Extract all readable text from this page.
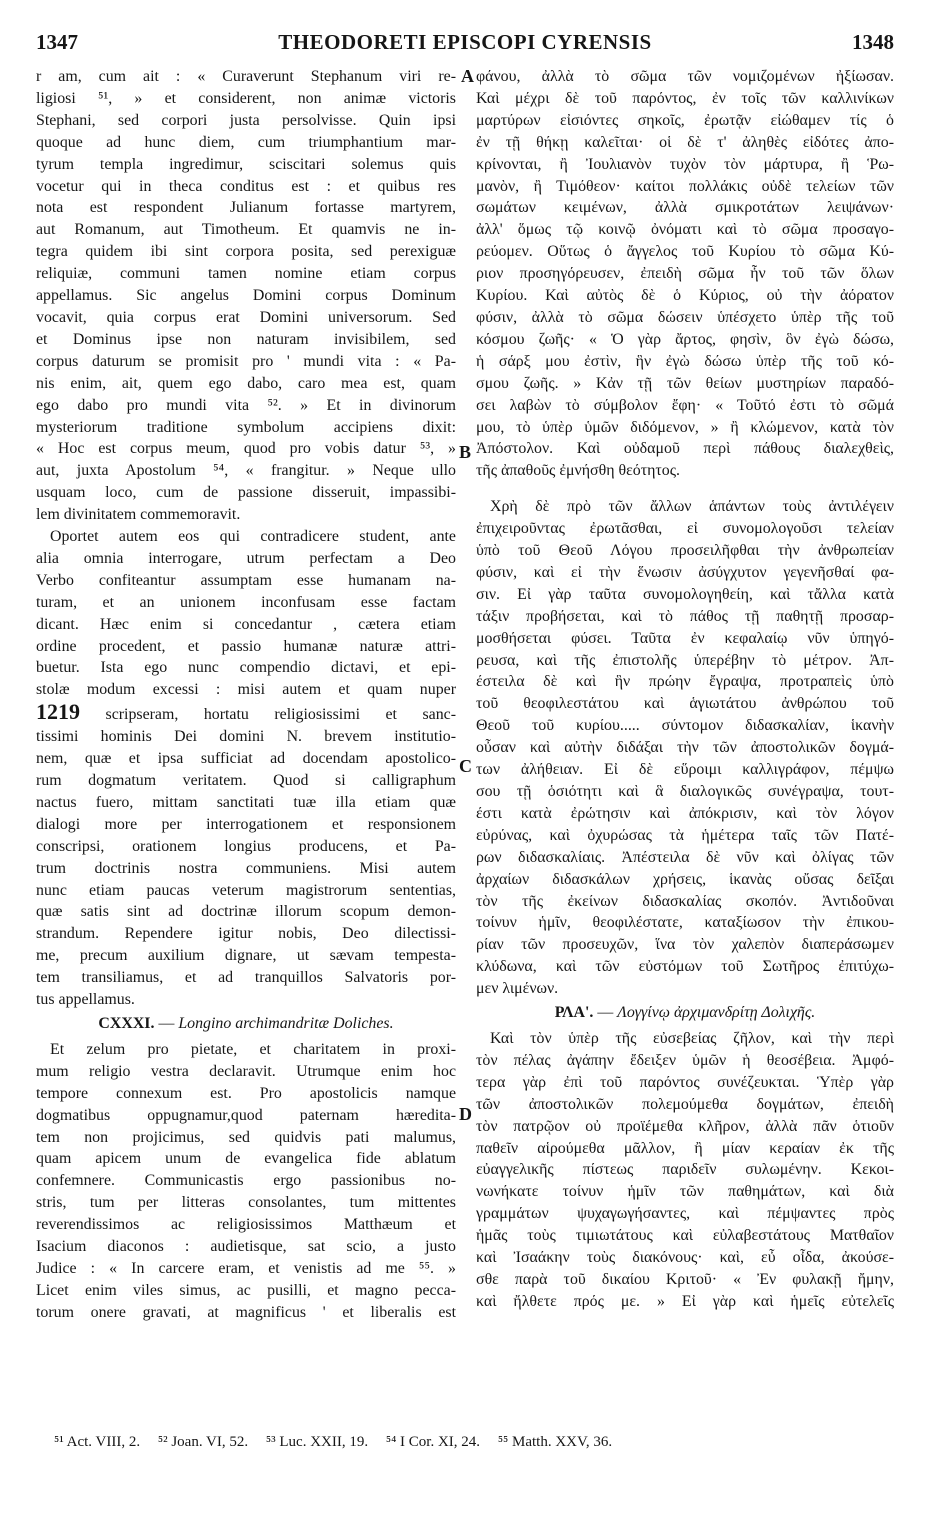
1347	THEODORETI EPISCOPI CYRENSIS	1348
r am, cum ait : « Curaverunt Stephanum viri re-
ligiosi ⁵¹, » et considerent, non animæ victoris
Stephani, sed corpori justa persolvisse. Quin ipsi
quoque ad hunc diem, cum triumphantium mar-
tyrum templa ingredimur, sciscitari solemus quis
vocetur qui in theca conditus est : et quibus res
nota est respondent Julianum fortasse martyrem,
aut Romanum, aut Timotheum. Et quamvis ne in-
tegra quidem ibi sint corpora posita, sed perexiguæ
reliquiæ, communi tamen nomine etiam corpus
appellamus. Sic angelus Domini corpus Dominum
vocavit, quia corpus erat Domini universorum. Sed
et Dominus ipse non naturam invisibilem, sed
corpus daturum se promisit pro ' mundi vita : « Pa-
nis enim, ait, quem ego dabo, caro mea est, quam
ego dabo pro mundi vita ⁵². » Et in divinorum
mysteriorum traditione symbolum accipiens dixit:
« Hoc est corpus meum, quod pro vobis datur ⁵³, »
aut, juxta Apostolum ⁵⁴, « frangitur. » Neque ullo
usquam loco, cum de passione disseruit, impassibi-
lem divinitatem commemoravit.
Oportet autem eos qui contradicere student, ante
alia omnia interrogare, utrum perfectam a Deo
Verbo confiteantur assumptam esse humanam na-
turam, et an unionem inconfusam esse factam
dicant. Hæc enim si concedantur , cætera etiam
ordine procedent, et passio humanæ naturæ attri-
buetur. Ista ego nunc compendio dictavi, et epi-
stolæ modum excessi : misi autem et quam nuper
1219 scripseram, hortatu religiosissimi et sanc-
tissimi hominis Dei domini N. brevem institutio-
nem, quæ et ipsa sufficiat ad docendam apostolico-
rum dogmatum veritatem. Quod si calligraphum
nactus fuero, mittam sanctitati tuæ illa etiam quæ
dialogi more per interrogationem et responsionem
conscripsi, orationem longius producens, et Pa-
trum doctrinis nostra communiens. Misi autem
nunc etiam paucas veterum magistrorum sententias,
quæ satis sint ad doctrinæ illorum scopum demon-
strandum. Rependere igitur nobis, Deo dilectissi-
me, precum auxilium dignare, ut sævam tempesta-
tem transiliamus, et ad tranquillos Salvatoris por-
tus appellamus.
CXXXI. — Longino archimandritæ Doliches.
Et zelum pro pietate, et charitatem in proxi-
mum religio vestra declaravit. Utrumque enim hoc
tempore connexum est. Pro apostolicis namque
dogmatibus oppugnamur,quod paternam hæredita-
tem non projicimus, sed quidvis pati malumus,
quam apicem unum de evangelica fide ablatum
confemnere. Communicastis ergo passionibus no-
stris, tum per litteras consolantes, tum mittentes
reverendissimos ac religiosissimos Matthæum et
Isacium diaconos : audietisque, sat scio, a justo
Judice : « In carcere eram, et venistis ad me ⁵⁵. »
Licet enim viles simus, ac pusilli, et magno pecca-
torum onere gravati, at magnificus ' et liberalis est
φάνου, ἀλλὰ τὸ σῶμα τῶν νομιζομένων ἠξίωσαν.
Καὶ μέχρι δὲ τοῦ παρόντος, ἐν τοῖς τῶν καλλινίκων
μαρτύρων εἰσιόντες σηκοῖς, ἐρωτᾷν εἰώθαμεν τίς ὁ
ἐν τῇ θήκῃ καλεῖται· οἱ δὲ τ' ἀληθὲς εἰδότες ἀπο-
κρίνονται, ἢ Ἰουλιανὸν τυχὸν τὸν μάρτυρα, ἢ Ῥω-
μανὸν, ἢ Τιμόθεον· καίτοι πολλάκις οὐδὲ τελείων τῶν
σωμάτων κειμένων, ἀλλὰ σμικροτάτων λειψάνων·
ἀλλ' ὅμως τῷ κοινῷ ὀνόματι καὶ τὸ σῶμα προσαγο-
ρεύομεν. Οὕτως ὁ ἄγγελος τοῦ Κυρίου τὸ σῶμα Κύ-
ριον προσηγόρευσεν, ἐπειδὴ σῶμα ἦν τοῦ τῶν ὅλων
Κυρίου. Καὶ αὐτὸς δὲ ὁ Κύριος, οὐ τὴν ἀόρατον
φύσιν, ἀλλὰ τὸ σῶμα δώσειν ὑπέσχετο ὑπὲρ τῆς τοῦ
κόσμου ζωῆς· « Ὁ γὰρ ἄρτος, φησὶν, ὃν ἐγὼ δώσω,
ἡ σάρξ μου ἐστὶν, ἣν ἐγὼ δώσω ὑπὲρ τῆς τοῦ κό-
σμου ζωῆς. » Κἀν τῇ τῶν θείων μυστηρίων παραδό-
σει λαβὼν τὸ σύμβολον ἔφη· « Τοῦτό ἐστι τὸ σῶμά
μου, τὸ ὑπὲρ ὑμῶν διδόμενον, » ἢ κλώμενον, κατὰ τὸν
Ἀπόστολον. Καὶ οὐδαμοῦ περὶ πάθους διαλεχθεὶς,
τῆς ἀπαθοῦς ἐμνήσθη θεότητος.
Χρὴ δὲ πρὸ τῶν ἄλλων ἁπάντων τοὺς ἀντιλέγειν
ἐπιχειροῦντας ἐρωτᾶσθαι, εἰ συνομολογοῦσι τελείαν
ὑπὸ τοῦ Θεοῦ Λόγου προσειλῆφθαι τὴν ἀνθρωπείαν
φύσιν, καὶ εἰ τὴν ἕνωσιν ἀσύγχυτον γεγενῆσθαί φα-
σιν. Εἰ γὰρ ταῦτα συνομολογηθείη, καὶ τἄλλα κατὰ
τάξιν προβήσεται, καὶ τὸ πάθος τῇ παθητῇ προσαρ-
μοσθήσεται φύσει. Ταῦτα ἐν κεφαλαίῳ νῦν ὑπηγό-
ρευσα, καὶ τῆς ἐπιστολῆς ὑπερέβην τὸ μέτρον. Ἀπ-
έστειλα δὲ καὶ ἣν πρώην ἔγραψα, προτραπεὶς ὑπὸ
τοῦ θεοφιλεστάτου καὶ ἁγιωτάτου ἀνθρώπου τοῦ
Θεοῦ τοῦ κυρίου..... σύντομον διδασκαλίαν, ἱκανὴν
οὖσαν καὶ αὐτὴν διδάξαι τὴν τῶν ἀποστολικῶν δογμά-
των ἀλήθειαν. Εἰ δὲ εὕροιμι καλλιγράφον, πέμψω
σου τῇ ὁσιότητι καὶ ἃ διαλογικῶς συνέγραψα, τουτ-
έστι κατὰ ἐρώτησιν καὶ ἀπόκρισιν, καὶ τὸν λόγον
εὐρύνας, καὶ ὀχυρώσας τὰ ἡμέτερα ταῖς τῶν Πατέ-
ρων διδασκαλίαις. Ἀπέστειλα δὲ νῦν καὶ ὀλίγας τῶν
ἀρχαίων διδασκάλων χρήσεις, ἱκανὰς οὔσας δεῖξαι
τὸν τῆς ἐκείνων διδασκαλίας σκοπόν. Ἀντιδοῦναι
τοίνυν ἡμῖν, θεοφιλέστατε, καταξίωσον τὴν ἐπικου-
ρίαν τῶν προσευχῶν, ἵνα τὸν χαλεπὸν διαπεράσωμεν
κλύδωνα, καὶ τῶν εὐστόμων τοῦ Σωτῆρος ἐπιτύχω-
μεν λιμένων.
ΡΛΑ'. — Λογγίνῳ ἀρχιμανδρίτῃ Δολιχῆς.
Καὶ τὸν ὑπὲρ τῆς εὐσεβείας ζῆλον, καὶ τὴν περὶ
τὸν πέλας ἀγάπην ἔδειξεν ὑμῶν ἡ θεοσέβεια. Ἀμφό-
τερα γὰρ ἐπὶ τοῦ παρόντος συνέζευκται. Ὑπὲρ γὰρ
τῶν ἀποστολικῶν πολεμούμεθα δογμάτων, ἐπειδὴ
τὸν πατρῷον οὐ προϊέμεθα κλῆρον, ἀλλὰ πᾶν ὁτιοῦν
παθεῖν αἱρούμεθα μᾶλλον, ἢ μίαν κεραίαν ἐκ τῆς
εὐαγγελικῆς πίστεως παριδεῖν συλωμένην. Κεκοι-
νωνήκατε τοίνυν ἡμῖν τῶν παθημάτων, καὶ διὰ
γραμμάτων ψυχαγωγήσαντες, καὶ πέμψαντες πρὸς
ἡμᾶς τοὺς τιμιωτάτους καὶ εὐλαβεστάτους Ματθαῖον
καὶ Ἰσαάκην τοὺς διακόνους· καὶ, εὖ οἶδα, ἀκούσε-
σθε παρὰ τοῦ δικαίου Κριτοῦ· « Ἐν φυλακῇ ἤμην,
καὶ ἤλθετε πρός με. » Εἰ γὰρ καὶ ἡμεῖς εὐτελεῖς
A
B
C
D
⁵¹ Act. VIII, 2. ⁵² Joan. VI, 52. ⁵³ Luc. XXII, 19. ⁵⁴ I Cor. XI, 24. ⁵⁵ Matth. XXV, 36.
